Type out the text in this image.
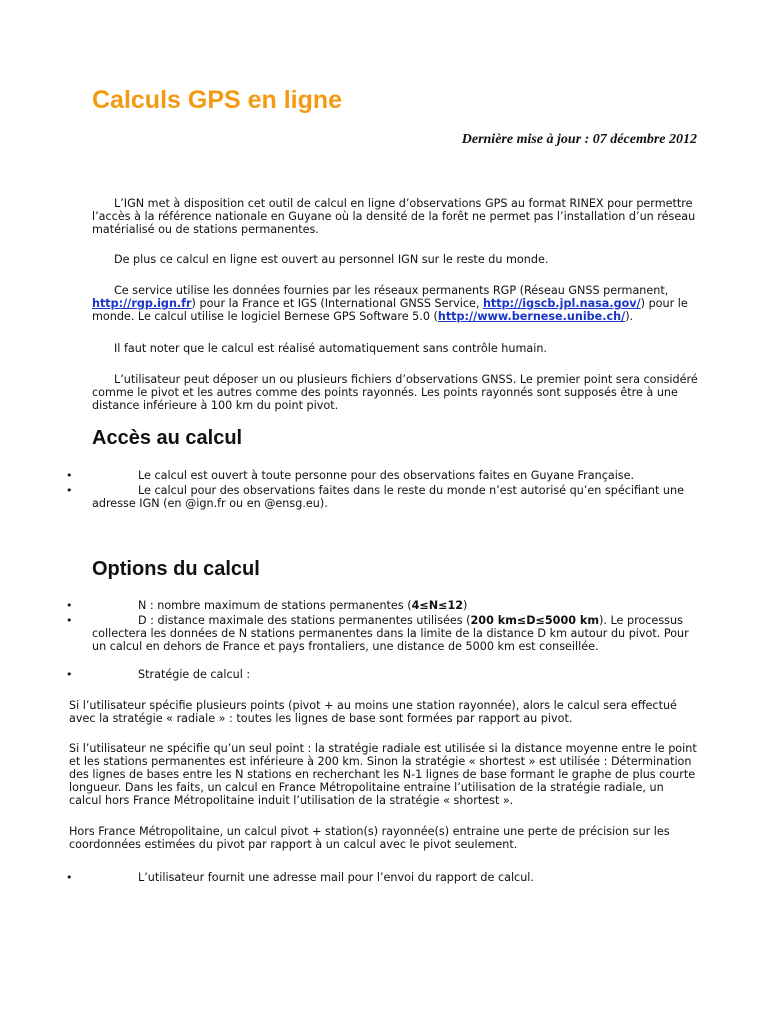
Calculs GPS en ligne
Dernière mise à jour : 07 décembre 2012
L’IGN met à disposition cet outil de calcul en ligne d’observations GPS au format RINEX pour permettre l’accès à la référence nationale en Guyane où la densité de la forêt ne permet pas l’installation d’un réseau matérialisé ou de stations permanentes.
De plus ce calcul en ligne est ouvert au personnel IGN sur le reste du monde.
Ce service utilise les données fournies par les réseaux permanents RGP (Réseau GNSS permanent, http://rgp.ign.fr) pour la France et IGS (International GNSS Service, http://igscb.jpl.nasa.gov/) pour le monde. Le calcul utilise le logiciel Bernese GPS Software 5.0 (http://www.bernese.unibe.ch/).
Il faut noter que le calcul est réalisé automatiquement sans contrôle humain.
L’utilisateur peut déposer un ou plusieurs fichiers d’observations GNSS. Le premier point sera considéré comme le pivot et les autres comme des points rayonnés. Les points rayonnés sont supposés être à une distance inférieure à 100 km du point pivot.
Accès au calcul
•	Le calcul est ouvert à toute personne pour des observations faites en Guyane Française.
•	Le calcul pour des observations faites dans le reste du monde n’est autorisé qu’en spécifiant une adresse IGN (en @ign.fr ou en @ensg.eu).
Options du calcul
•	N : nombre maximum de stations permanentes (4≤N≤12)
•	D : distance maximale des stations permanentes utilisées (200 km≤D≤5000 km). Le processus collectera les données de N stations permanentes dans la limite de la distance D km autour du pivot. Pour un calcul en dehors de France et pays frontaliers, une distance de 5000 km est conseillée.
•	Stratégie de calcul :
Si l’utilisateur spécifie plusieurs points (pivot + au moins une station rayonnée), alors le calcul sera effectué avec la stratégie « radiale » : toutes les lignes de base sont formées par rapport au pivot.
Si l’utilisateur ne spécifie qu’un seul point : la stratégie radiale est utilisée si la distance moyenne entre le point et les stations permanentes est inférieure à 200 km. Sinon la stratégie « shortest » est utilisée : Détermination des lignes de bases entre les N stations en recherchant les N-1 lignes de base formant le graphe de plus courte longueur. Dans les faits, un calcul en France Métropolitaine entraine l’utilisation de la stratégie radiale, un calcul hors France Métropolitaine induit l’utilisation de la stratégie « shortest ».
Hors France Métropolitaine, un calcul pivot + station(s) rayonnée(s) entraine une perte de précision sur les coordonnées estimées du pivot par rapport à un calcul avec le pivot seulement.
•	L’utilisateur fournit une adresse mail pour l’envoi du rapport de calcul.
